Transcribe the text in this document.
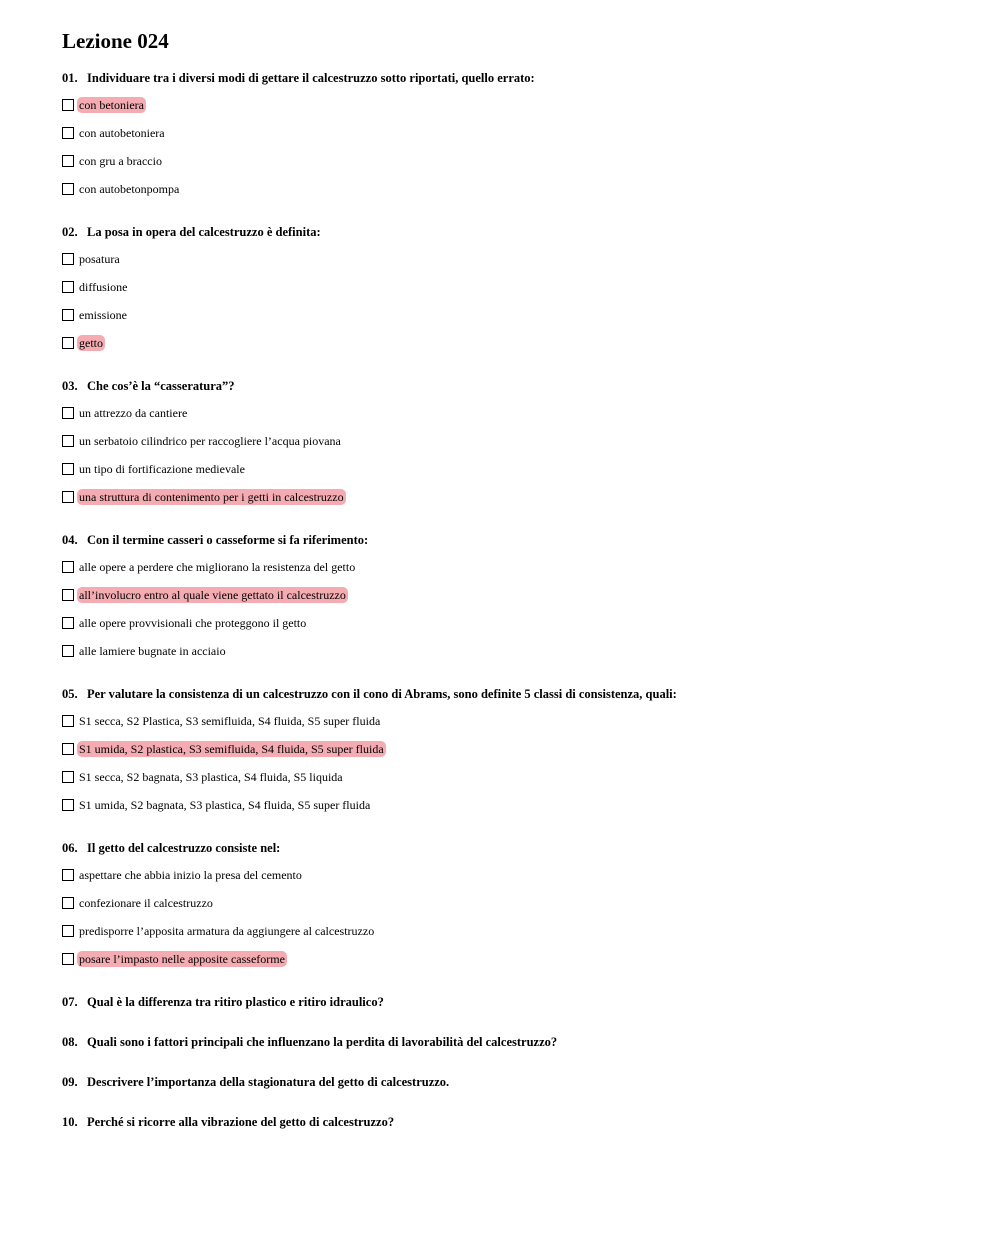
Lezione 024
01. Individuare tra i diversi modi di gettare il calcestruzzo sotto riportati, quello errato:
con betoniera
con autobetoniera
con gru a braccio
con autobetonpompa
02. La posa in opera del calcestruzzo è definita:
posatura
diffusione
emissione
getto
03. Che cos’è la “casseratura”?
un attrezzo da cantiere
un serbatoio cilindrico per raccogliere l’acqua piovana
un tipo di fortificazione medievale
una struttura di contenimento per i getti in calcestruzzo
04. Con il termine casseri o casseforme si fa riferimento:
alle opere a perdere che migliorano la resistenza del getto
all’involucro entro al quale viene gettato il calcestruzzo
alle opere provvisionali che proteggono il getto
alle lamiere bugnate in acciaio
05. Per valutare la consistenza di un calcestruzzo con il cono di Abrams, sono definite 5 classi di consistenza, quali:
S1 secca, S2 Plastica, S3 semifluida, S4 fluida, S5 super fluida
S1 umida, S2 plastica, S3 semifluida, S4 fluida, S5 super fluida
S1 secca, S2 bagnata, S3 plastica, S4 fluida, S5 liquida
S1 umida, S2 bagnata, S3 plastica, S4 fluida, S5 super fluida
06. Il getto del calcestruzzo consiste nel:
aspettare che abbia inizio la presa del cemento
confezionare il calcestruzzo
predisporre l’apposita armatura da aggiungere al calcestruzzo
posare l’impasto nelle apposite casseforme
07. Qual è la differenza tra ritiro plastico e ritiro idraulico?
08. Quali sono i fattori principali che influenzano la perdita di lavorabilità del calcestruzzo?
09. Descrivere l’importanza della stagionatura del getto di calcestruzzo.
10. Perché si ricorre alla vibrazione del getto di calcestruzzo?
